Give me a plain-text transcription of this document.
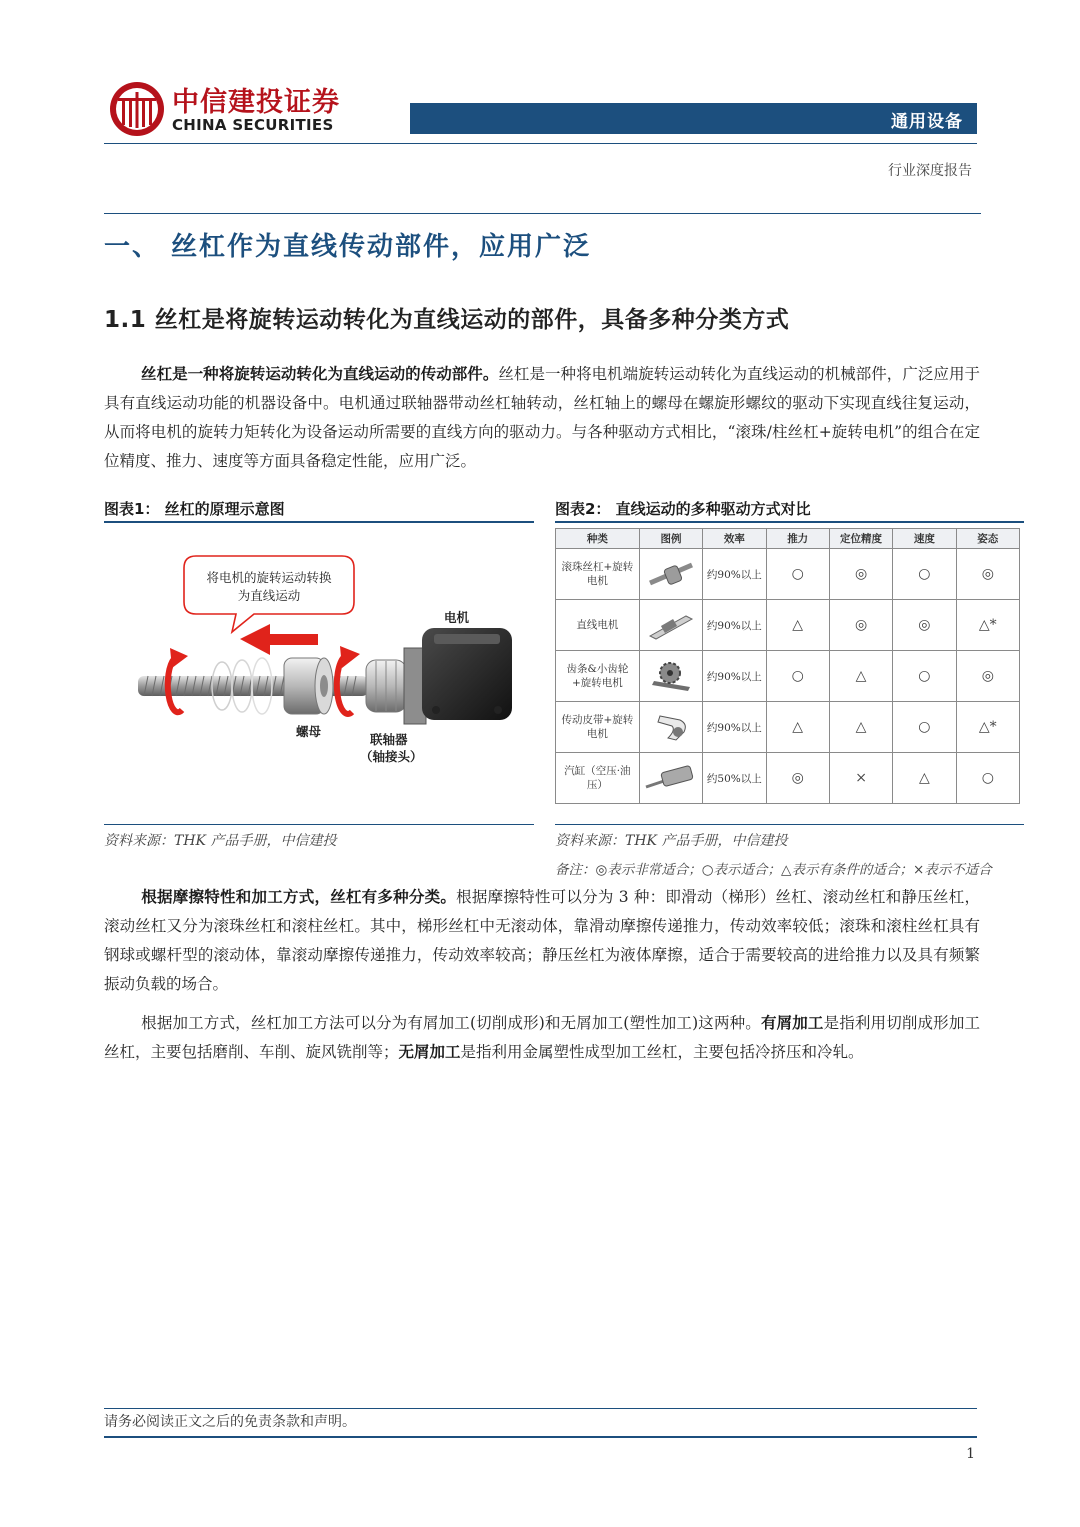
中信建投证券
CHINA SECURITIES	通用设备
行业深度报告
一、 丝杠作为直线传动部件，应用广泛
1.1 丝杠是将旋转运动转化为直线运动的部件，具备多种分类方式
丝杠是一种将旋转运动转化为直线运动的传动部件。丝杠是一种将电机端旋转运动转化为直线运动的机械部件，广泛应用于具有直线运动功能的机器设备中。电机通过联轴器带动丝杠轴转动，丝杠轴上的螺母在螺旋形螺纹的驱动下实现直线往复运动，从而将电机的旋转力矩转化为设备运动所需要的直线方向的驱动力。与各种驱动方式相比，“滚珠/柱丝杠+旋转电机”的组合在定位精度、推力、速度等方面具备稳定性能，应用广泛。
图表1： 丝杠的原理示意图
将电机的旋转运动转换
为直线运动
电机
螺母
联轴器
（轴接头）
资料来源：THK 产品手册，中信建投
图表2： 直线运动的多种驱动方式对比
种类	图例	效率	推力	定位精度	速度	姿态
滚珠丝杠+旋转电机		约90%以上	○	◎	○	◎
直线电机		约90%以上	△	◎	◎	△*
齿条&小齿轮+旋转电机		约90%以上	○	△	○	◎
传动皮带+旋转电机		约90%以上	△	△	○	△*
汽缸（空压·油压）		约50%以上	◎	×	△	○
资料来源：THK 产品手册，中信建投
备注：◎表示非常适合；○表示适合；△表示有条件的适合；×表示不适合
根据摩擦特性和加工方式，丝杠有多种分类。根据摩擦特性可以分为 3 种：即滑动（梯形）丝杠、滚动丝杠和静压丝杠，滚动丝杠又分为滚珠丝杠和滚柱丝杠。其中，梯形丝杠中无滚动体，靠滑动摩擦传递推力，传动效率较低；滚珠和滚柱丝杠具有钢球或螺杆型的滚动体，靠滚动摩擦传递推力，传动效率较高；静压丝杠为液体摩擦，适合于需要较高的进给推力以及具有频繁振动负载的场合。
根据加工方式，丝杠加工方法可以分为有屑加工(切削成形)和无屑加工(塑性加工)这两种。有屑加工是指利用切削成形加工丝杠，主要包括磨削、车削、旋风铣削等；无屑加工是指利用金属塑性成型加工丝杠，主要包括冷挤压和冷轧。
请务必阅读正文之后的免责条款和声明。
1
